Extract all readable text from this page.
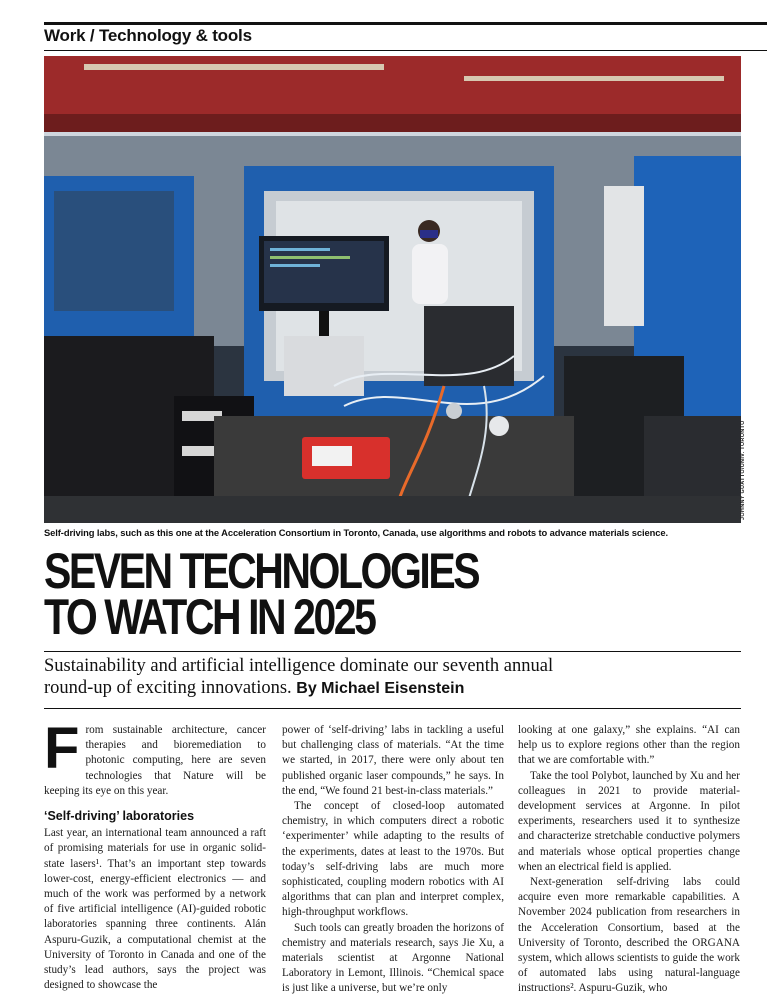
Work / Technology & tools
JOHNNY GUATTO/UNIV. TORONTO
Self-driving labs, such as this one at the Acceleration Consortium in Toronto, Canada, use algorithms and robots to advance materials science.
SEVEN TECHNOLOGIES
TO WATCH IN 2025
Sustainability and artificial intelligence dominate our seventh annual round-up of exciting innovations. By Michael Eisenstein
F rom sustainable architecture, cancer therapies and bioremediation to photonic computing, here are seven technologies that Nature will be keeping its eye on this year.

‘Self-driving’ laboratories

Last year, an international team announced a raft of promising materials for use in organic solid-state lasers¹. That’s an important step towards lower-cost, energy-efficient electronics — and much of the work was performed by a network of five artificial intelligence (AI)-guided robotic laboratories spanning three continents. Alán Aspuru-Guzik, a computational chemist at the University of Toronto in Canada and one of the study’s lead authors, says the project was designed to showcase the

power of ‘self-driving’ labs in tackling a useful but challenging class of materials. “At the time we started, in 2017, there were only about ten published organic laser compounds,” he says. In the end, “We found 21 best-in-class materials.”

The concept of closed-loop automated chemistry, in which computers direct a robotic ‘experimenter’ while adapting to the results of the experiments, dates at least to the 1970s. But today’s self-driving labs are much more sophisticated, coupling modern robotics with AI algorithms that can plan and interpret complex, high-throughput workflows.

Such tools can greatly broaden the horizons of chemistry and materials research, says Jie Xu, a materials scientist at Argonne National Laboratory in Lemont, Illinois. “Chemical space is just like a universe, but we’re only

looking at one galaxy,” she explains. “AI can help us to explore regions other than the region that we are comfortable with.”

Take the tool Polybot, launched by Xu and her colleagues in 2021 to provide material-development services at Argonne. In pilot experiments, researchers used it to synthesize and characterize stretchable conductive polymers and materials whose optical properties change when an electrical field is applied.

Next-generation self-driving labs could acquire even more remarkable capabilities. A November 2024 publication from researchers in the Acceleration Consortium, based at the University of Toronto, described the ORGANA system, which allows scientists to guide the work of automated labs using natural-language instructions². Aspuru-Guzik, who
